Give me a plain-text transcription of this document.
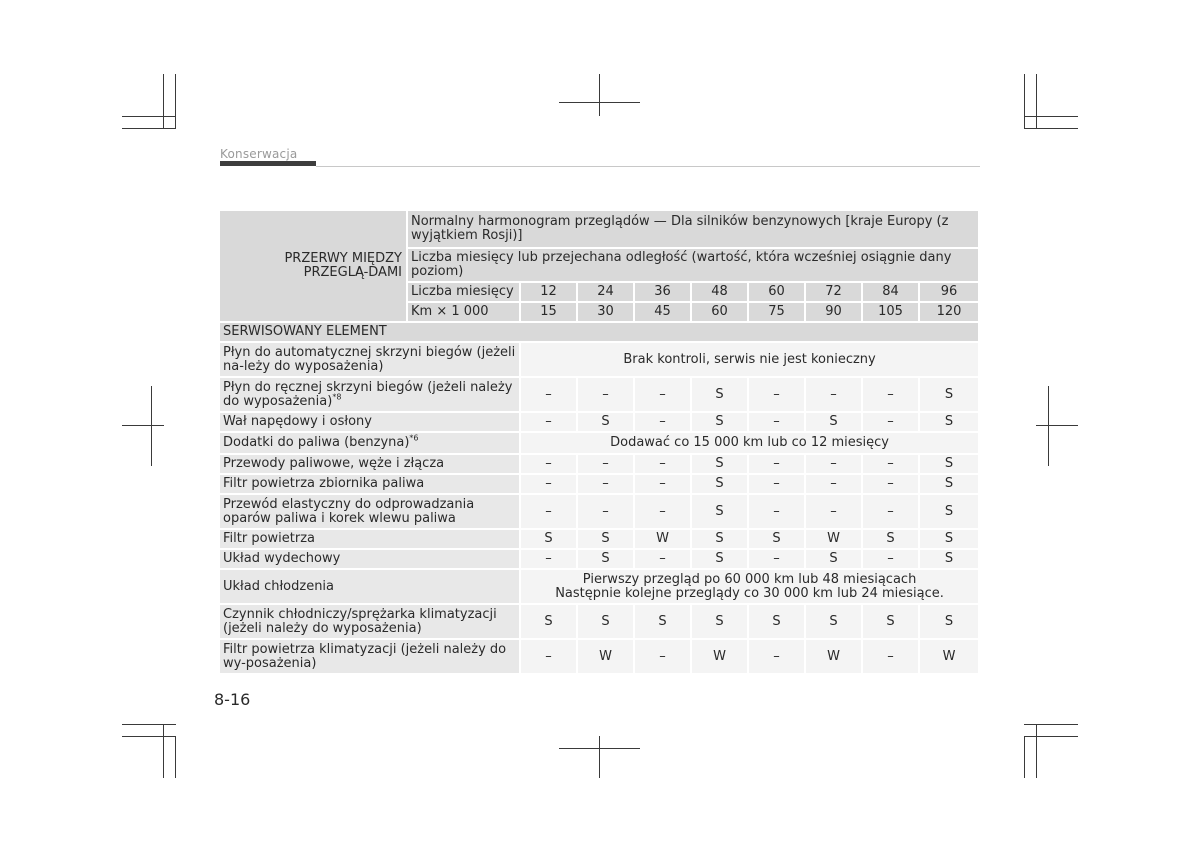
Konserwacja
PRZERWY MIĘDZY PRZEGLĄ-DAMI	Normalny harmonogram przeglądów — Dla silników benzynowych [kraje Europy (z wyjątkiem Rosji)]								
	Liczba miesięcy lub przejechana odległość (wartość, która wcześniej osiągnie dany poziom)								
	Liczba miesięcy	12	24	36	48	60	72	84	96
	Km × 1 000	15	30	45	60	75	90	105	120
SERWISOWANY ELEMENT									
Płyn do automatycznej skrzyni biegów (jeżeli na-leży do wyposażenia)		Brak kontroli, serwis nie jest konieczny							

Płyn do ręcznej skrzyni biegów (jeżeli należy do wyposażenia)$^{*8}$		–	–	–	S	–	–	–	S
Wał napędowy i osłony		–	S	–	S	–	S	–	S
Dodatki do paliwa (benzyna)$^{*6}$		Dodawać co 15 000 km lub co 12 miesięcy							

Przewody paliwowe, węże i złącza		–	–	–	S	–	–	–	S
Filtr powietrza zbiornika paliwa		–	–	–	S	–	–	–	S
Przewód elastyczny do odprowadzania oparów paliwa i korek wlewu paliwa		–	–	–	S	–	–	–	S
Filtr powietrza		S	S	W	S	S	W	S	S
Układ wydechowy		–	S	–	S	–	S	–	S
Układ chłodzenia		Pierwszy przegląd po 60 000 km lub 48 miesiącach
Następnie kolejne przeglądy co 30 000 km lub 24 miesiące.							

Czynnik chłodniczy/sprężarka klimatyzacji (jeżeli należy do wyposażenia)		S	S	S	S	S	S	S	S
Filtr powietrza klimatyzacji (jeżeli należy do wy-posażenia)		–	W	–	W	–	W	–	W
8-16
